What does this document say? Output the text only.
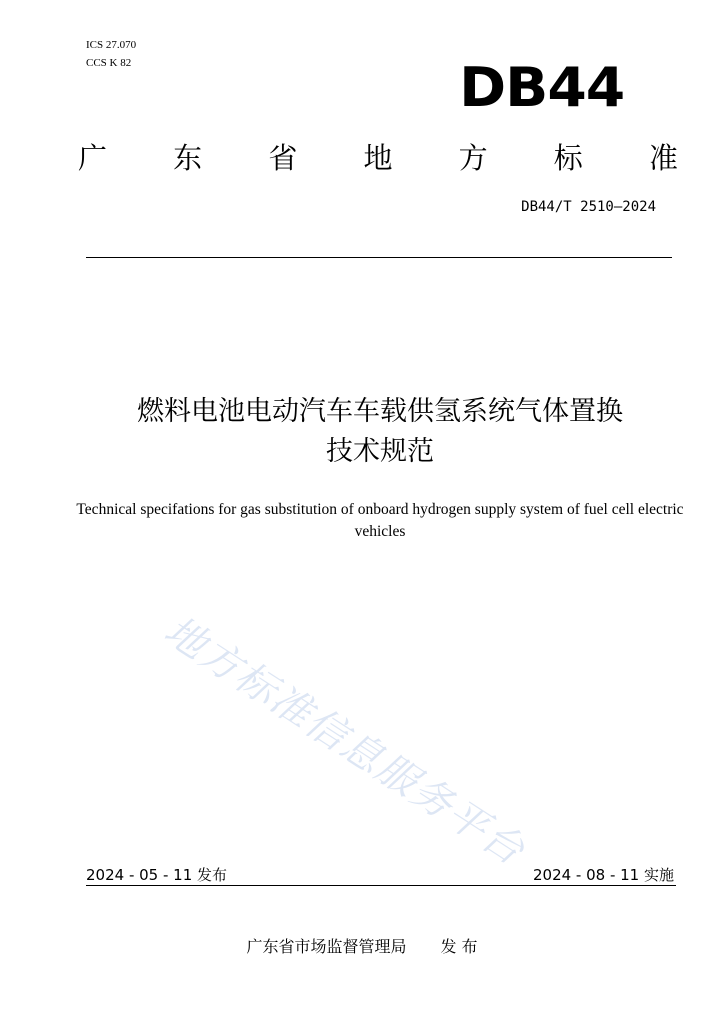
ICS 27.070
CCS K 82	DB44
广 东 省 地 方 标 准
DB44/T 2510—2024
燃料电池电动汽车车载供氢系统气体置换
技术规范
Technical specifations for gas substitution of onboard hydrogen supply system of fuel cell electric vehicles
地方标准信息服务平台
2024 - 05 - 11 发布	2024 - 08 - 11 实施
广东省市场监督管理局 发 布
